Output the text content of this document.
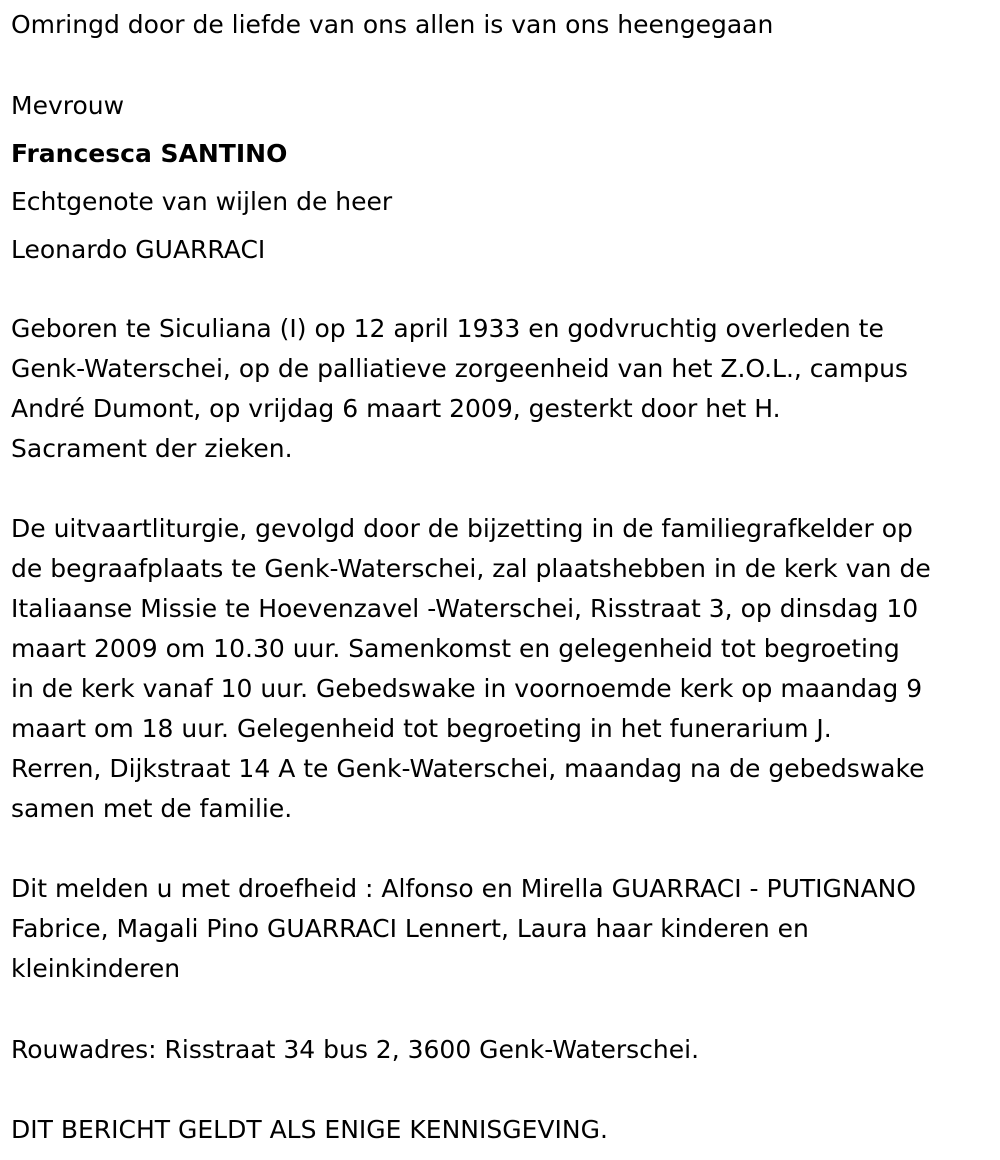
Omringd door de liefde van ons allen is van ons heengegaan
Mevrouw
Francesca SANTINO
Echtgenote van wijlen de heer
Leonardo GUARRACI
Geboren te Siculiana (I) op 12 april 1933 en godvruchtig overleden te
Genk-Waterschei, op de palliatieve zorgeenheid van het Z.O.L., campus
André Dumont, op vrijdag 6 maart 2009, gesterkt door het H.
Sacrament der zieken.
De uitvaartliturgie, gevolgd door de bijzetting in de familiegrafkelder op
de begraafplaats te Genk-Waterschei, zal plaatshebben in de kerk van de
Italiaanse Missie te Hoevenzavel -Waterschei, Risstraat 3, op dinsdag 10
maart 2009 om 10.30 uur. Samenkomst en gelegenheid tot begroeting
in de kerk vanaf 10 uur. Gebedswake in voornoemde kerk op maandag 9
maart om 18 uur. Gelegenheid tot begroeting in het funerarium J.
Rerren, Dijkstraat 14 A te Genk-Waterschei, maandag na de gebedswake
samen met de familie.
Dit melden u met droefheid : Alfonso en Mirella GUARRACI - PUTIGNANO
Fabrice, Magali Pino GUARRACI Lennert, Laura haar kinderen en
kleinkinderen
Rouwadres: Risstraat 34 bus 2, 3600 Genk-Waterschei.
DIT BERICHT GELDT ALS ENIGE KENNISGEVING.
